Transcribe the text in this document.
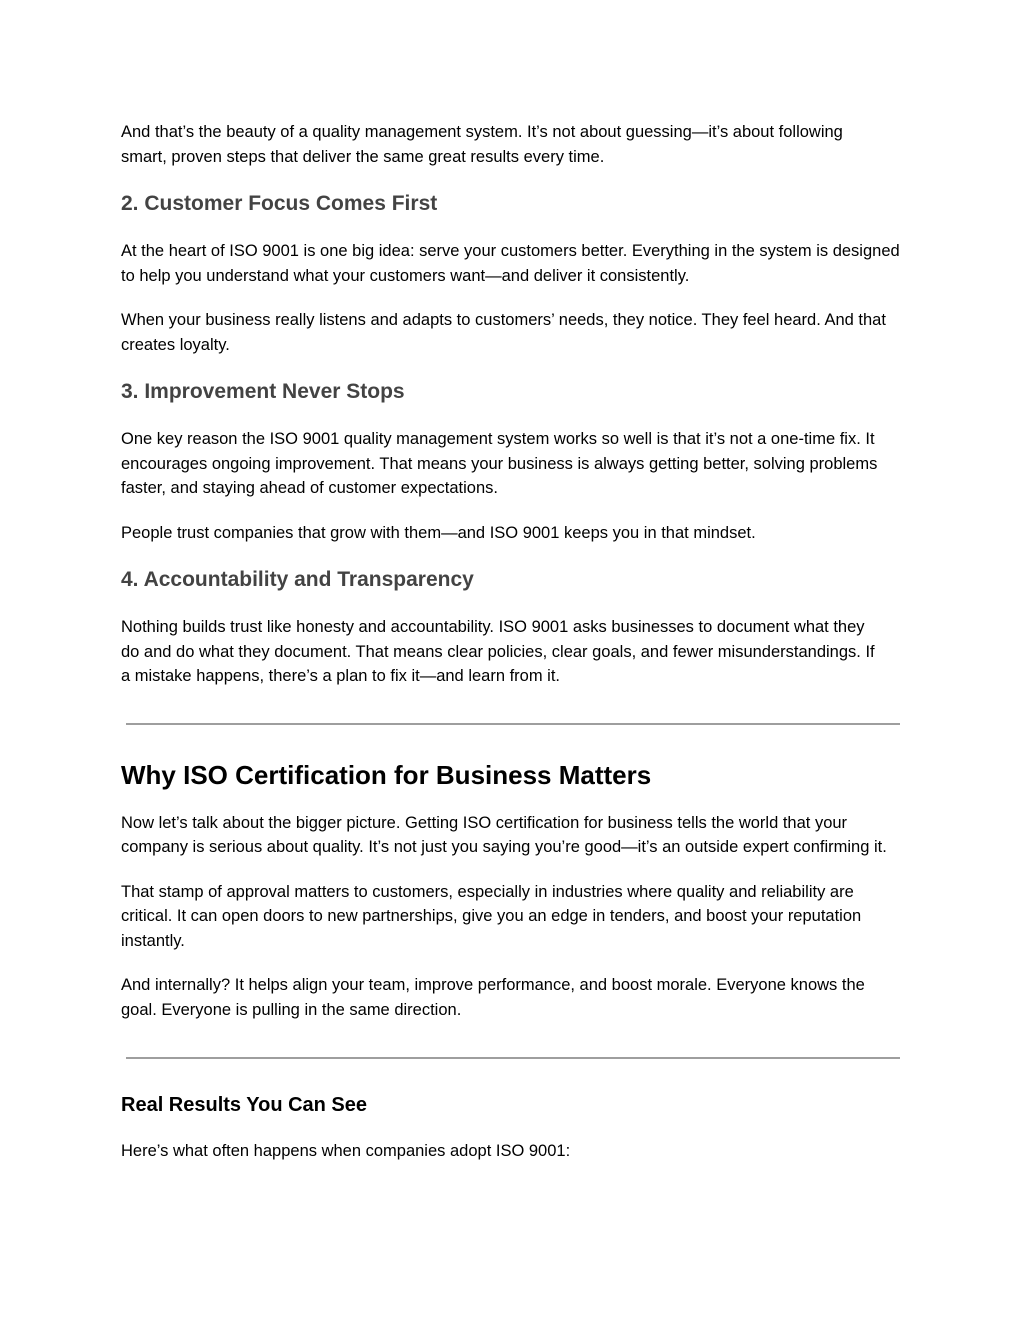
And that’s the beauty of a quality management system. It’s not about guessing—it’s about following smart, proven steps that deliver the same great results every time.

2. Customer Focus Comes First

At the heart of ISO 9001 is one big idea: serve your customers better. Everything in the system is designed to help you understand what your customers want—and deliver it consistently.

When your business really listens and adapts to customers’ needs, they notice. They feel heard. And that creates loyalty.

3. Improvement Never Stops

One key reason the ISO 9001 quality management system works so well is that it’s not a one-time fix. It encourages ongoing improvement. That means your business is always getting better, solving problems faster, and staying ahead of customer expectations.

People trust companies that grow with them—and ISO 9001 keeps you in that mindset.

4. Accountability and Transparency

Nothing builds trust like honesty and accountability. ISO 9001 asks businesses to document what they do and do what they document. That means clear policies, clear goals, and fewer misunderstandings. If a mistake happens, there’s a plan to fix it—and learn from it.

Why ISO Certification for Business Matters

Now let’s talk about the bigger picture. Getting ISO certification for business tells the world that your company is serious about quality. It’s not just you saying you’re good—it’s an outside expert confirming it.

That stamp of approval matters to customers, especially in industries where quality and reliability are critical. It can open doors to new partnerships, give you an edge in tenders, and boost your reputation instantly.

And internally? It helps align your team, improve performance, and boost morale. Everyone knows the goal. Everyone is pulling in the same direction.

Real Results You Can See

Here’s what often happens when companies adopt ISO 9001:
